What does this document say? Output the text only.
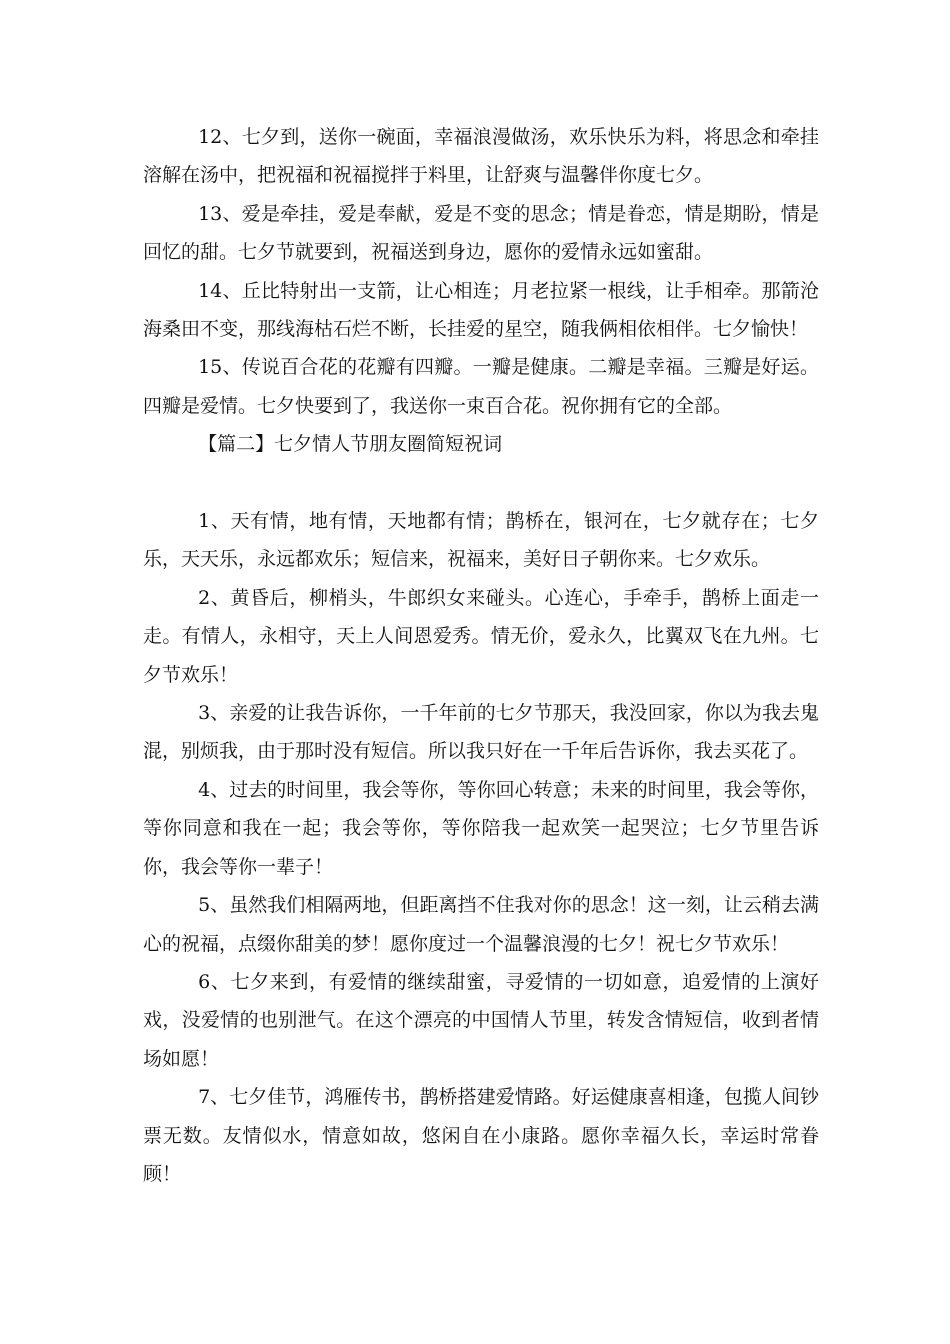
12、七夕到，送你一碗面，幸福浪漫做汤，欢乐快乐为料，将思念和牵挂溶解在汤中，把祝福和祝福搅拌于料里，让舒爽与温馨伴你度七夕。

13、爱是牵挂，爱是奉献，爱是不变的思念；情是眷恋，情是期盼，情是回忆的甜。七夕节就要到，祝福送到身边，愿你的爱情永远如蜜甜。

14、丘比特射出一支箭，让心相连；月老拉紧一根线，让手相牵。那箭沧海桑田不变，那线海枯石烂不断，长挂爱的星空，随我俩相依相伴。七夕愉快！

15、传说百合花的花瓣有四瓣。一瓣是健康。二瓣是幸福。三瓣是好运。四瓣是爱情。七夕快要到了，我送你一束百合花。祝你拥有它的全部。

【篇二】七夕情人节朋友圈简短祝词

1、天有情，地有情，天地都有情；鹊桥在，银河在，七夕就存在；七夕乐，天天乐，永远都欢乐；短信来，祝福来，美好日子朝你来。七夕欢乐。

2、黄昏后，柳梢头，牛郎织女来碰头。心连心，手牵手，鹊桥上面走一走。有情人，永相守，天上人间恩爱秀。情无价，爱永久，比翼双飞在九州。七夕节欢乐！

3、亲爱的让我告诉你，一千年前的七夕节那天，我没回家，你以为我去鬼混，别烦我，由于那时没有短信。所以我只好在一千年后告诉你，我去买花了。

4、过去的时间里，我会等你，等你回心转意；未来的时间里，我会等你，等你同意和我在一起；我会等你，等你陪我一起欢笑一起哭泣；七夕节里告诉你，我会等你一辈子！

5、虽然我们相隔两地，但距离挡不住我对你的思念！这一刻，让云稍去满心的祝福，点缀你甜美的梦！愿你度过一个温馨浪漫的七夕！祝七夕节欢乐！

6、七夕来到，有爱情的继续甜蜜，寻爱情的一切如意，追爱情的上演好戏，没爱情的也别泄气。在这个漂亮的中国情人节里，转发含情短信，收到者情场如愿！

7、七夕佳节，鸿雁传书，鹊桥搭建爱情路。好运健康喜相逢，包揽人间钞票无数。友情似水，情意如故，悠闲自在小康路。愿你幸福久长，幸运时常眷顾！
